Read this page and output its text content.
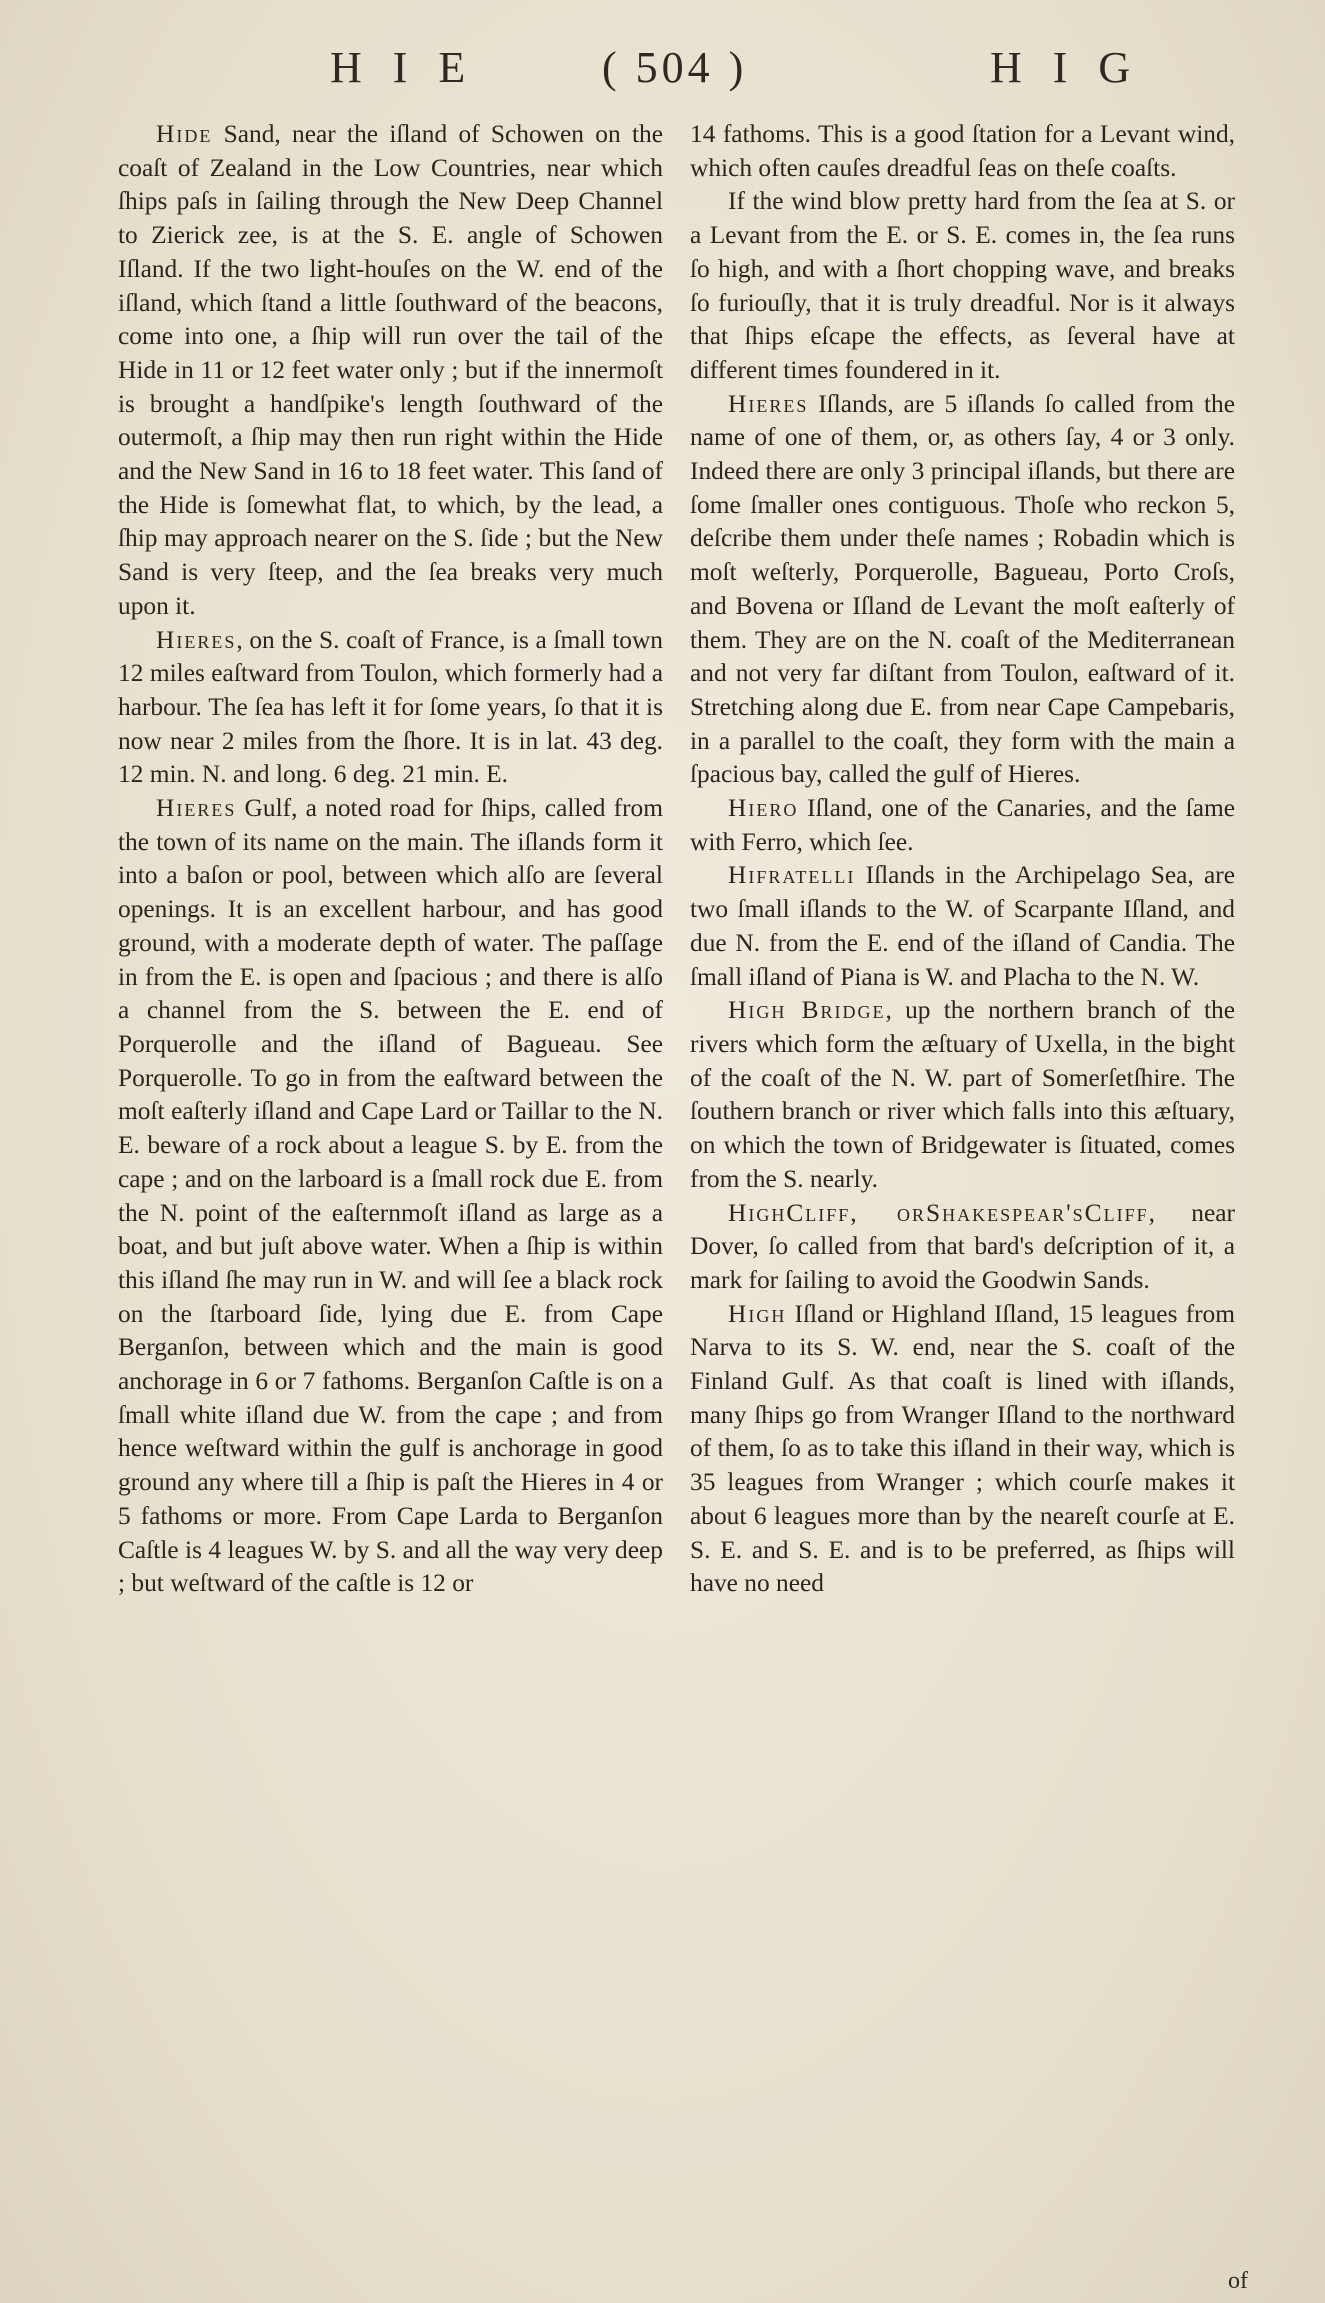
H I E	( 504 )	H I G

Hide Sand, near the iſland of Schowen on the coaſt of Zealand in the Low Countries, near which ſhips paſs in ſailing through the New Deep Channel to Zierick zee, is at the S. E. angle of Schowen Iſland. If the two light-houſes on the W. end of the iſland, which ſtand a little ſouthward of the beacons, come into one, a ſhip will run over the tail of the Hide in 11 or 12 feet water only ; but if the innermoſt is brought a handſpike's length ſouthward of the outermoſt, a ſhip may then run right within the Hide and the New Sand in 16 to 18 feet water. This ſand of the Hide is ſomewhat flat, to which, by the lead, a ſhip may approach nearer on the S. ſide ; but the New Sand is very ſteep, and the ſea breaks very much upon it.

Hieres, on the S. coaſt of France, is a ſmall town 12 miles eaſtward from Toulon, which formerly had a harbour. The ſea has left it for ſome years, ſo that it is now near 2 miles from the ſhore. It is in lat. 43 deg. 12 min. N. and long. 6 deg. 21 min. E.

Hieres Gulf, a noted road for ſhips, called from the town of its name on the main. The iſlands form it into a baſon or pool, between which alſo are ſeveral openings. It is an excellent harbour, and has good ground, with a moderate depth of water. The paſſage in from the E. is open and ſpacious ; and there is alſo a channel from the S. between the E. end of Porquerolle and the iſland of Bagueau. See Porquerolle. To go in from the eaſtward between the moſt eaſterly iſland and Cape Lard or Taillar to the N. E. beware of a rock about a league S. by E. from the cape ; and on the larboard is a ſmall rock due E. from the N. point of the eaſternmoſt iſland as large as a boat, and but juſt above water. When a ſhip is within this iſland ſhe may run in W. and will ſee a black rock on the ſtarboard ſide, lying due E. from Cape Berganſon, between which and the main is good anchorage in 6 or 7 fathoms. Berganſon Caſtle is on a ſmall white iſland due W. from the cape ; and from hence weſtward within the gulf is anchorage in good ground any where till a ſhip is paſt the Hieres in 4 or 5 fathoms or more. From Cape Larda to Berganſon Caſtle is 4 leagues W. by S. and all the way very deep ; but weſtward of the caſtle is 12 or

14 fathoms. This is a good ſtation for a Levant wind, which often cauſes dreadful ſeas on theſe coaſts.

If the wind blow pretty hard from the ſea at S. or a Levant from the E. or S. E. comes in, the ſea runs ſo high, and with a ſhort chopping wave, and breaks ſo furiouſly, that it is truly dreadful. Nor is it always that ſhips eſcape the effects, as ſeveral have at different times foundered in it.

Hieres Iſlands, are 5 iſlands ſo called from the name of one of them, or, as others ſay, 4 or 3 only. Indeed there are only 3 principal iſlands, but there are ſome ſmaller ones contiguous. Thoſe who reckon 5, deſcribe them under theſe names ; Robadin which is moſt weſterly, Porquerolle, Bagueau, Porto Croſs, and Bovena or Iſland de Levant the moſt eaſterly of them. They are on the N. coaſt of the Mediterranean and not very far diſtant from Toulon, eaſtward of it. Stretching along due E. from near Cape Campebaris, in a parallel to the coaſt, they form with the main a ſpacious bay, called the gulf of Hieres.

Hiero Iſland, one of the Canaries, and the ſame with Ferro, which ſee.

Hifratelli Iſlands in the Archipelago Sea, are two ſmall iſlands to the W. of Scarpante Iſland, and due N. from the E. end of the iſland of Candia. The ſmall iſland of Piana is W. and Placha to the N. W.

High Bridge, up the northern branch of the rivers which form the æſtuary of Uxella, in the bight of the coaſt of the N. W. part of Somerſetſhire. The ſouthern branch or river which falls into this æſtuary, on which the town of Bridgewater is ſituated, comes from the S. nearly.

HighCliff, orShakespear'sCliff, near Dover, ſo called from that bard's deſcription of it, a mark for ſailing to avoid the Goodwin Sands.

High Iſland or Highland Iſland, 15 leagues from Narva to its S. W. end, near the S. coaſt of the Finland Gulf. As that coaſt is lined with iſlands, many ſhips go from Wranger Iſland to the northward of them, ſo as to take this iſland in their way, which is 35 leagues from Wranger ; which courſe makes it about 6 leagues more than by the neareſt courſe at E. S. E. and S. E. and is to be preferred, as ſhips will have no need

of
